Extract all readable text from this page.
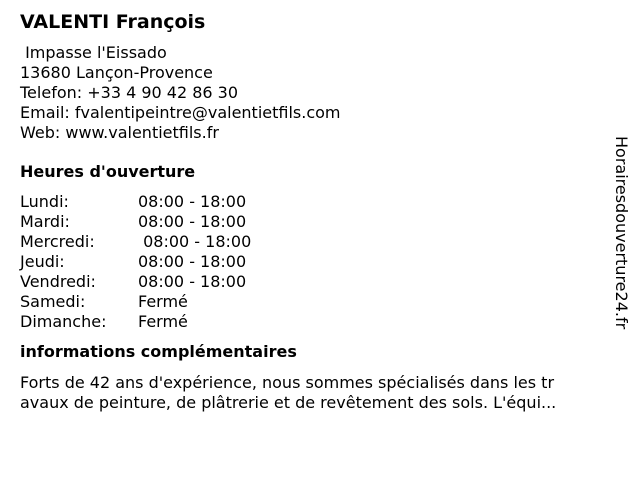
VALENTI François
Impasse l'Eissado
13680 Lançon-Provence
Telefon: +33 4 90 42 86 30
Email: fvalentipeintre@valentietfils.com
Web: www.valentietfils.fr
Heures d'ouverture
Lundi:	08:00 - 18:00
Mardi:	08:00 - 18:00
Mercredi:	08:00 - 18:00
Jeudi:	08:00 - 18:00
Vendredi:	08:00 - 18:00
Samedi:	Fermé
Dimanche:	Fermé
informations complémentaires
Forts de 42 ans d'expérience, nous sommes spécialisés dans les tr
avaux de peinture, de plâtrerie et de revêtement des sols. L'équi...
Horairesdouverture24.fr
